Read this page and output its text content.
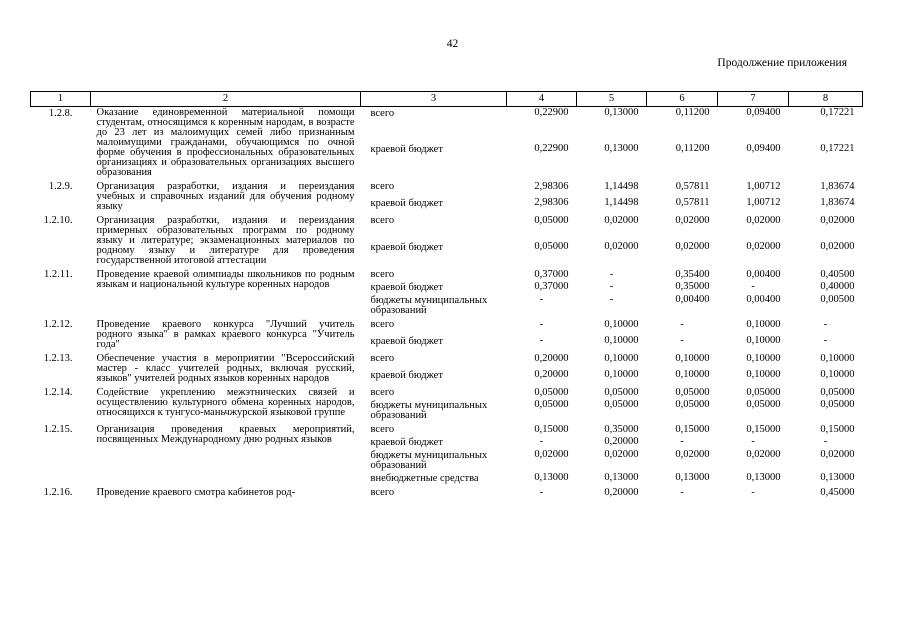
42
Продолжение приложения
1	2	3	4	5	6	7	8
1.2.8.	Оказание единовременной материальной помощи студентам, относящимся к коренным народам, в возрасте до 23 лет из малоимущих семей либо признанным малоимущими гражданами, обучающимся по очной форме обучения в профессиональных образовательных организациях и образовательных организациях высшего образования	всего	0,22900	0,13000	0,11200	0,09400	0,17221
		краевой бюджет	0,22900	0,13000	0,11200	0,09400	0,17221
1.2.9.	Организация разработки, издания и переиздания учебных и справочных изданий для обучения родному языку	всего	2,98306	1,14498	0,57811	1,00712	1,83674
		краевой бюджет	2,98306	1,14498	0,57811	1,00712	1,83674
1.2.10.	Организация разработки, издания и переиздания примерных образовательных программ по родному языку и литературе; экзаменационных материалов по родному языку и литературе для проведения государственной итоговой аттестации	всего	0,05000	0,02000	0,02000	0,02000	0,02000
		краевой бюджет	0,05000	0,02000	0,02000	0,02000	0,02000
1.2.11.	Проведение краевой олимпиады школьников по родным языкам и национальной культуре коренных народов	всего	0,37000	-	0,35400	0,00400	0,40500
		краевой бюджет	0,37000	-	0,35000	-	0,40000
		бюджеты муниципальных образований	-	-	0,00400	0,00400	0,00500
1.2.12.	Проведение краевого конкурса "Лучший учитель родного языка" в рамках краевого конкурса "Учитель года"	всего	-	0,10000	-	0,10000	-
		краевой бюджет	-	0,10000	-	0,10000	-
1.2.13.	Обеспечение участия в мероприятии "Всероссийский мастер - класс учителей родных, включая русский, языков" учителей родных языков коренных народов	всего	0,20000	0,10000	0,10000	0,10000	0,10000
		краевой бюджет	0,20000	0,10000	0,10000	0,10000	0,10000
1.2.14.	Содействие укреплению межэтнических связей и осуществлению культурного обмена коренных народов, относящихся к тунгусо-маньчжурской языковой группе	всего	0,05000	0,05000	0,05000	0,05000	0,05000
		бюджеты муниципальных образований	0,05000	0,05000	0,05000	0,05000	0,05000
1.2.15.	Организация проведения краевых мероприятий, посвященных Международному дню родных языков	всего	0,15000	0,35000	0,15000	0,15000	0,15000
		краевой бюджет	-	0,20000	-	-	-
		бюджеты муниципальных образований	0,02000	0,02000	0,02000	0,02000	0,02000
		внебюджетные средства	0,13000	0,13000	0,13000	0,13000	0,13000
1.2.16.	Проведение краевого смотра кабинетов род-	всего	-	0,20000	-	-	0,45000
